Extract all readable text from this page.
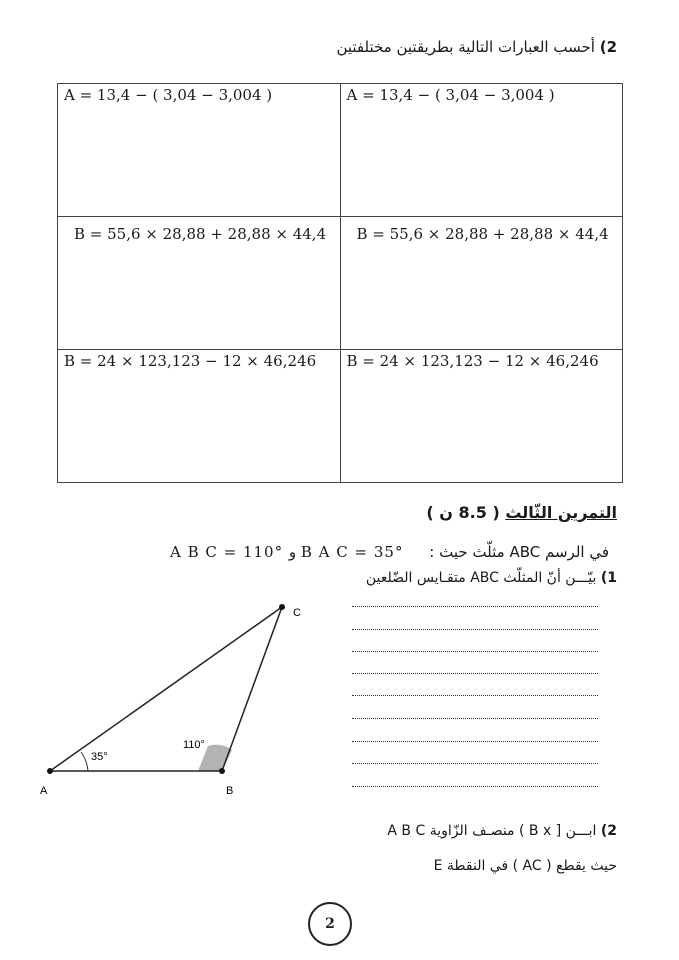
2) أحسب العبارات التالية بطريقتين مختلفتين
A = 13,4 − ( 3,04 − 3,004 )	A = 13,4 − ( 3,04 − 3,004 )

B = 55,6 × 28,88 + 28,88 × 44,4	B = 55,6 × 28,88 + 28,88 × 44,4

B = 24 × 123,123 − 12 × 46,246	B = 24 × 123,123 − 12 × 46,246
التمرين الثّالث ( 8.5 ن )
في الرسم ABC مثلّث حيث :
A B C = 110° و B A C = 35°
1) بيّـــن أنّ المثلّث ABC متقـايس الضّلعين
A	B
C
35°
110°
2) ابـــن [ B x ) منصـف الزّاوية A B C
حيث يقطع ( AC ) في النقطة E
2
